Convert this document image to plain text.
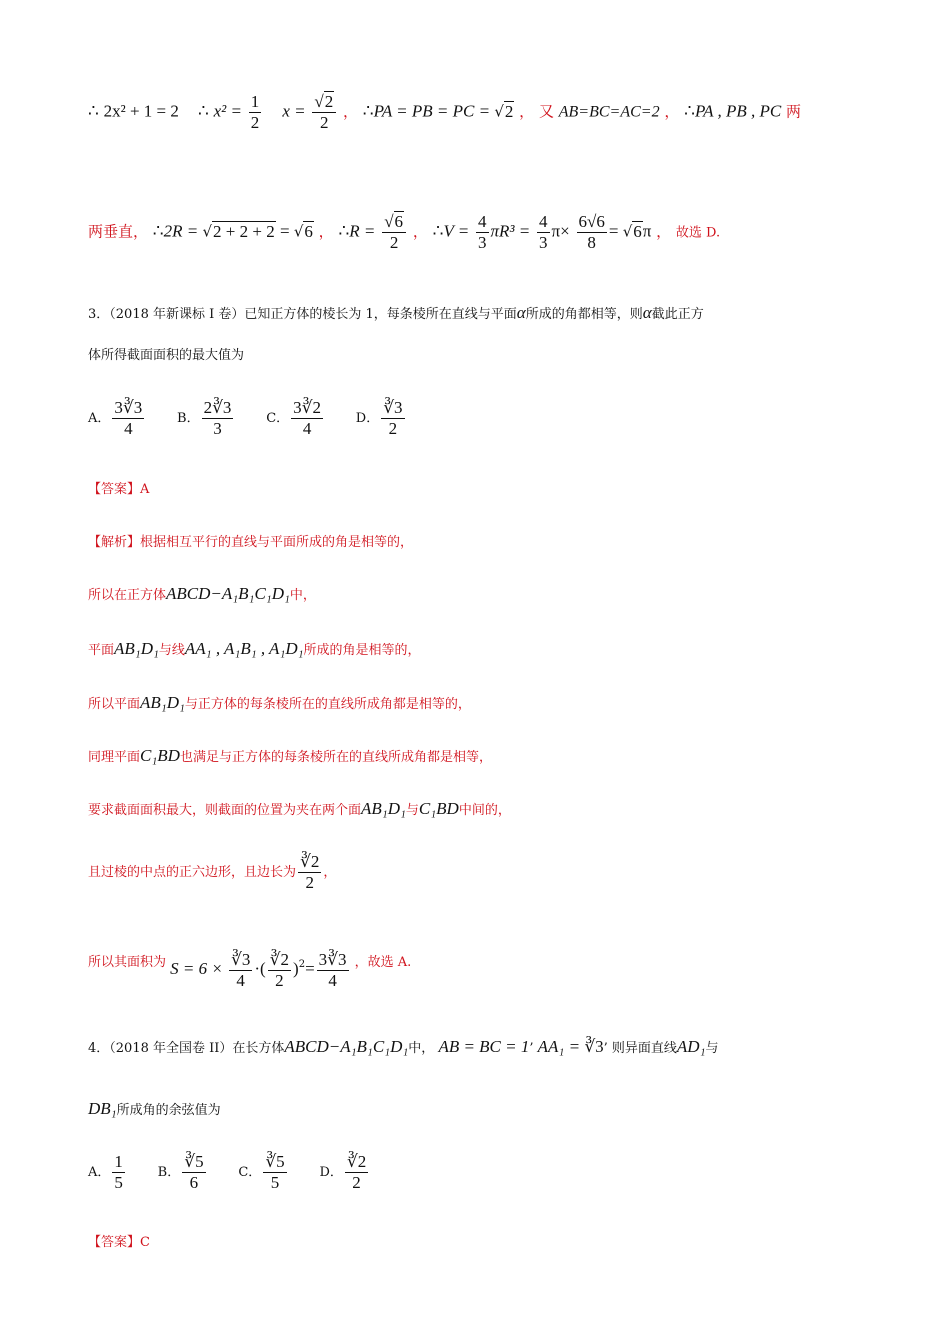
∴ 2x² + 1 = 2 ∴ $x^2 = \frac{1}{2}$ $x = \frac{√2}{2}$ ， ∴PA = PB = PC = √2 ， 又 AB=BC=AC=2 ， ∴PA , PB , PC 两
两垂直， ∴2R = √2 + 2 + 2 = √6 ， ∴R = $\frac{√6}{2}$ ， ∴V = $\frac{4}{3} \pi R^3 = \frac{4}{3} \pi\times \frac{6√6}{8} = √6\pi$ ， 故选 D.
3．（2018 年新课标 I 卷）已知正方体的棱长为 1，每条棱所在直线与平面α所成的角都相等，则α截此正方
体所得截面面积的最大值为
A． $\frac{3∛3}{4}$	B． $\frac{2∛3}{3}$	C． $\frac{3∛2}{4}$	D． $\frac{∛3}{2}$
【答案】A
【解析】根据相互平行的直线与平面所成的角是相等的，
所以在正方体ABCD−A₁B₁C₁D₁中，
平面AB₁D₁与线AA₁ , A₁B₁ , A₁D₁所成的角是相等的，
所以平面AB₁D₁与正方体的每条棱所在的直线所成角都是相等的，
同理平面C₁BD也满足与正方体的每条棱所在的直线所成角都是相等，
要求截面面积最大，则截面的位置为夹在两个面AB₁D₁与C₁BD中间的，
且过棱的中点的正六边形，且边长为 $\frac{∛2}{2}$ ，
所以其面积为 $S = 6 \times \frac{∛3}{4}$ ·( $\frac{∛2}{2} )^2= \frac{3∛3}{4}$ ，故选 A.
4．（2018 年全国卷 II）在长方体ABCD−A₁B₁C₁D₁中， AB = BC = 1’ AA₁ = ∛3’ 则异面直线AD₁与
DB₁所成角的余弦值为
A． $\frac{1}{5}$	B． $\frac{∛5}{6}$	C． $\frac{∛5}{5}$	D． $\frac{∛2}{2}$
【答案】C
